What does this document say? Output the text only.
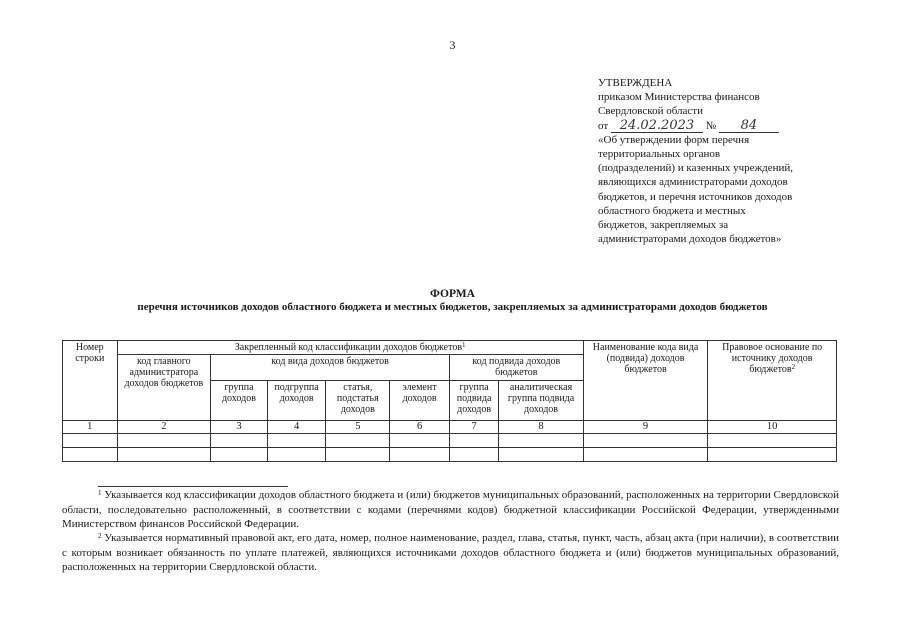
3
УТВЕРЖДЕНА
приказом Министерства финансов
Свердловской области
от 24.02.2023 № 84
«Об утверждении форм перечня
территориальных органов
(подразделений) и казенных учреждений,
являющихся администраторами доходов
бюджетов, и перечня источников доходов
областного бюджета и местных
бюджетов, закрепляемых за
администраторами доходов бюджетов»
ФОРМА
перечня источников доходов областного бюджета и местных бюджетов, закрепляемых за администраторами доходов бюджетов
Номер строки	Закрепленный код классификации доходов бюджетов$^1$							Наименование кода вида (подвида) доходов бюджетов	Правовое основание по источнику доходов бюджетов$^2$
	код главного администратора доходов бюджетов	код вида доходов бюджетов				код подвида доходов бюджетов			
		группа доходов	подгруппа доходов	статья, подстатья доходов	элемент доходов	группа подвида доходов	аналитическая группа подвида доходов		
1	2	3	4	5	6	7	8	9	10

$^1$ Указывается код классификации доходов областного бюджета и (или) бюджетов муниципальных образований, расположенных на территории Свердловской области, последовательно расположенный, в соответствии с кодами (перечнями кодов) бюджетной классификации Российской Федерации, утвержденными Министерством финансов Российской Федерации.
$^2$ Указывается нормативный правовой акт, его дата, номер, полное наименование, раздел, глава, статья, пункт, часть, абзац акта (при наличии), в соответствии с которым возникает обязанность по уплате платежей, являющихся источниками доходов областного бюджета и (или) бюджетов муниципальных образований, расположенных на территории Свердловской области.
